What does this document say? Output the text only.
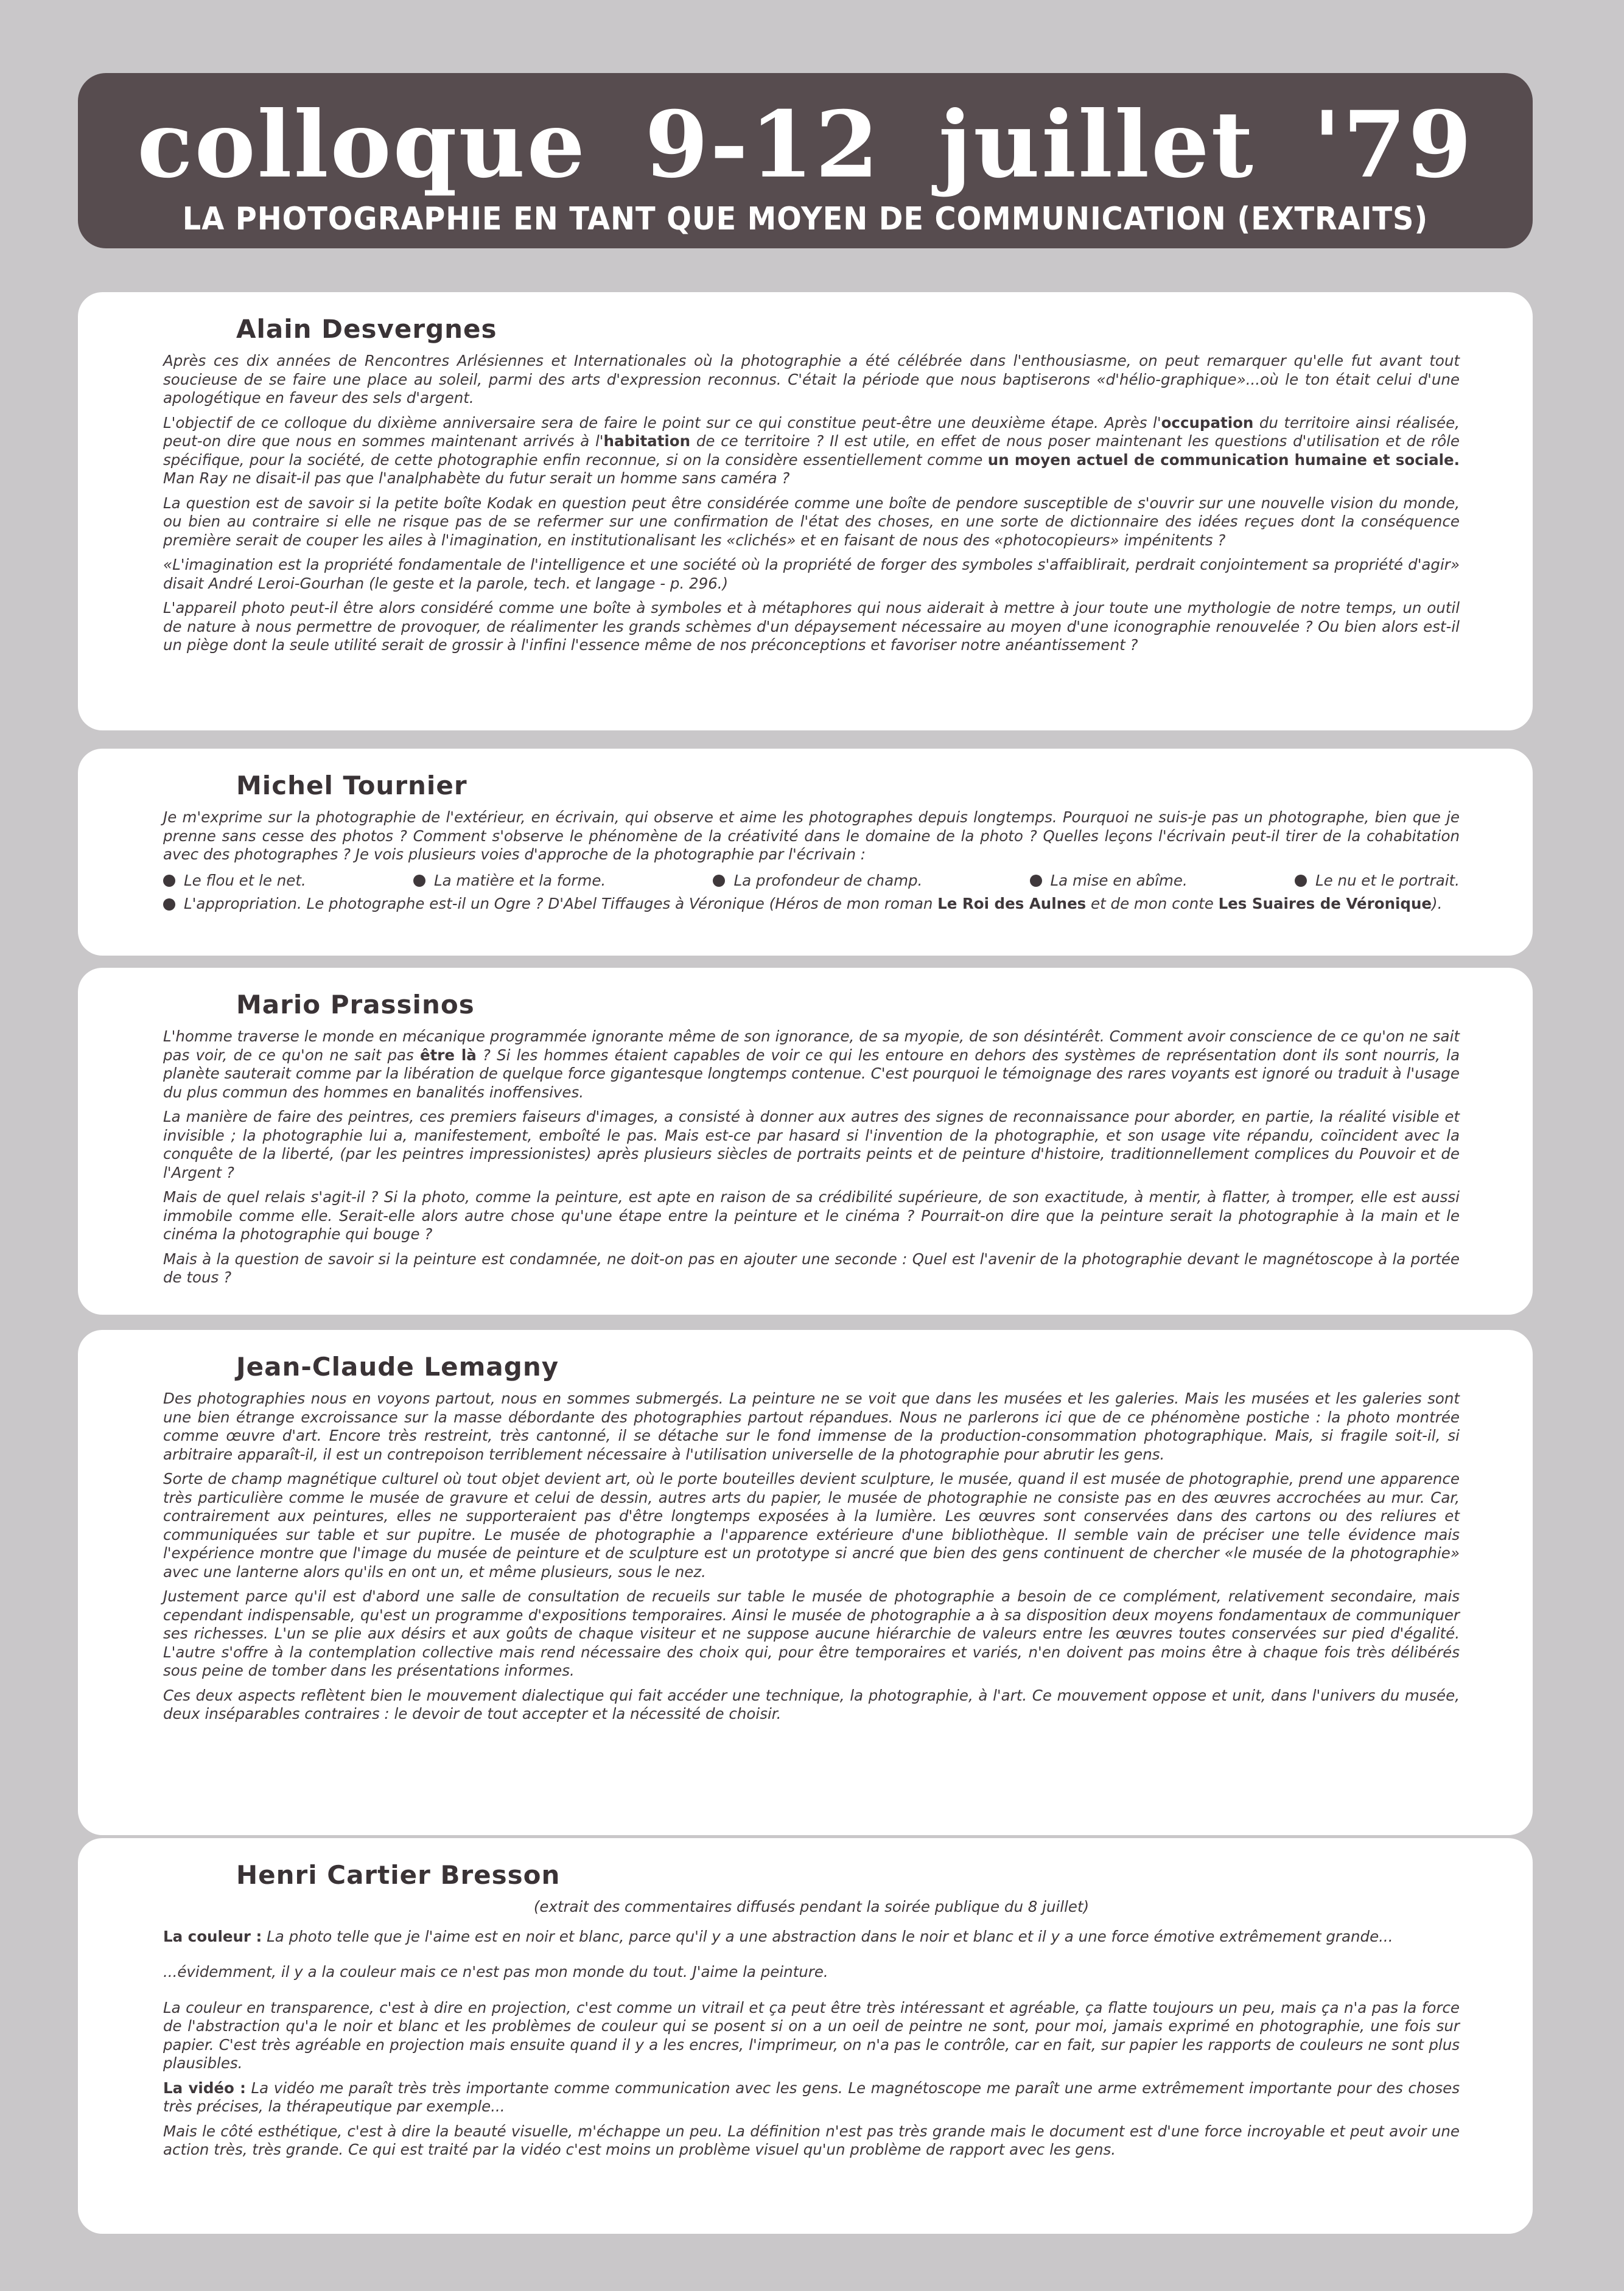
colloque 9-12 juillet '79
LA PHOTOGRAPHIE EN TANT QUE MOYEN DE COMMUNICATION (EXTRAITS)
Alain Desvergnes

Après ces dix années de Rencontres Arlésiennes et Internationales où la photographie a été célébrée dans l'enthousiasme, on peut remarquer qu'elle fut avant tout soucieuse de se faire une place au soleil, parmi des arts d'expression reconnus. C'était la période que nous baptiserons «d'hélio-graphique»...où le ton était celui d'une apologétique en faveur des sels d'argent.

L'objectif de ce colloque du dixième anniversaire sera de faire le point sur ce qui constitue peut-être une deuxième étape. Après l'occupation du territoire ainsi réalisée, peut-on dire que nous en sommes maintenant arrivés à l'habitation de ce territoire ? Il est utile, en effet de nous poser maintenant les questions d'utilisation et de rôle spécifique, pour la société, de cette photographie enfin reconnue, si on la considère essentiellement comme un moyen actuel de communication humaine et sociale. Man Ray ne disait-il pas que l'analphabète du futur serait un homme sans caméra ?

La question est de savoir si la petite boîte Kodak en question peut être considérée comme une boîte de pendore susceptible de s'ouvrir sur une nouvelle vision du monde, ou bien au contraire si elle ne risque pas de se refermer sur une confirmation de l'état des choses, en une sorte de dictionnaire des idées reçues dont la conséquence première serait de couper les ailes à l'imagination, en institutionalisant les «clichés» et en faisant de nous des «photocopieurs» impénitents ?

«L'imagination est la propriété fondamentale de l'intelligence et une société où la propriété de forger des symboles s'affaiblirait, perdrait conjointement sa propriété d'agir» disait André Leroi-Gourhan (le geste et la parole, tech. et langage - p. 296.)

L'appareil photo peut-il être alors considéré comme une boîte à symboles et à métaphores qui nous aiderait à mettre à jour toute une mythologie de notre temps, un outil de nature à nous permettre de provoquer, de réalimenter les grands schèmes d'un dépaysement nécessaire au moyen d'une iconographie renouvelée ? Ou bien alors est-il un piège dont la seule utilité serait de grossir à l'infini l'essence même de nos préconceptions et favoriser notre anéantissement ?

Michel Tournier

Je m'exprime sur la photographie de l'extérieur, en écrivain, qui observe et aime les photographes depuis longtemps. Pourquoi ne suis-je pas un photographe, bien que je prenne sans cesse des photos ? Comment s'observe le phénomène de la créativité dans le domaine de la photo ? Quelles leçons l'écrivain peut-il tirer de la cohabitation avec des photographes ? Je vois plusieurs voies d'approche de la photographie par l'écrivain :

Le flou et le net.	La matière et la forme.	La profondeur de champ.	La mise en abîme.	Le nu et le portrait.

L'appropriation. Le photographe est-il un Ogre ? D'Abel Tiffauges à Véronique (Héros de mon roman Le Roi des Aulnes et de mon conte Les Suaires de Véronique).

Mario Prassinos

L'homme traverse le monde en mécanique programmée ignorante même de son ignorance, de sa myopie, de son désintérêt. Comment avoir conscience de ce qu'on ne sait pas voir, de ce qu'on ne sait pas être là ? Si les hommes étaient capables de voir ce qui les entoure en dehors des systèmes de représentation dont ils sont nourris, la planète sauterait comme par la libération de quelque force gigantesque longtemps contenue. C'est pourquoi le témoignage des rares voyants est ignoré ou traduit à l'usage du plus commun des hommes en banalités inoffensives.

La manière de faire des peintres, ces premiers faiseurs d'images, a consisté à donner aux autres des signes de reconnaissance pour aborder, en partie, la réalité visible et invisible ; la photographie lui a, manifestement, emboîté le pas. Mais est-ce par hasard si l'invention de la photographie, et son usage vite répandu, coïncident avec la conquête de la liberté, (par les peintres impressionistes) après plusieurs siècles de portraits peints et de peinture d'histoire, traditionnellement complices du Pouvoir et de l'Argent ?

Mais de quel relais s'agit-il ? Si la photo, comme la peinture, est apte en raison de sa crédibilité supérieure, de son exactitude, à mentir, à flatter, à tromper, elle est aussi immobile comme elle. Serait-elle alors autre chose qu'une étape entre la peinture et le cinéma ? Pourrait-on dire que la peinture serait la photographie à la main et le cinéma la photographie qui bouge ?

Mais à la question de savoir si la peinture est condamnée, ne doit-on pas en ajouter une seconde : Quel est l'avenir de la photographie devant le magnétoscope à la portée de tous ?

Jean-Claude Lemagny

Des photographies nous en voyons partout, nous en sommes submergés. La peinture ne se voit que dans les musées et les galeries. Mais les musées et les galeries sont une bien étrange excroissance sur la masse débordante des photographies partout répandues. Nous ne parlerons ici que de ce phénomène postiche : la photo montrée comme œuvre d'art. Encore très restreint, très cantonné, il se détache sur le fond immense de la production-consommation photographique. Mais, si fragile soit-il, si arbitraire apparaît-il, il est un contrepoison terriblement nécessaire à l'utilisation universelle de la photographie pour abrutir les gens.

Sorte de champ magnétique culturel où tout objet devient art, où le porte bouteilles devient sculpture, le musée, quand il est musée de photographie, prend une apparence très particulière comme le musée de gravure et celui de dessin, autres arts du papier, le musée de photographie ne consiste pas en des œuvres accrochées au mur. Car, contrairement aux peintures, elles ne supporteraient pas d'être longtemps exposées à la lumière. Les œuvres sont conservées dans des cartons ou des reliures et communiquées sur table et sur pupitre. Le musée de photographie a l'apparence extérieure d'une bibliothèque. Il semble vain de préciser une telle évidence mais l'expérience montre que l'image du musée de peinture et de sculpture est un prototype si ancré que bien des gens continuent de chercher «le musée de la photographie» avec une lanterne alors qu'ils en ont un, et même plusieurs, sous le nez.

Justement parce qu'il est d'abord une salle de consultation de recueils sur table le musée de photographie a besoin de ce complément, relativement secondaire, mais cependant indispensable, qu'est un programme d'expositions temporaires. Ainsi le musée de photographie a à sa disposition deux moyens fondamentaux de communiquer ses richesses. L'un se plie aux désirs et aux goûts de chaque visiteur et ne suppose aucune hiérarchie de valeurs entre les œuvres toutes conservées sur pied d'égalité. L'autre s'offre à la contemplation collective mais rend nécessaire des choix qui, pour être temporaires et variés, n'en doivent pas moins être à chaque fois très délibérés sous peine de tomber dans les présentations informes.

Ces deux aspects reflètent bien le mouvement dialectique qui fait accéder une technique, la photographie, à l'art. Ce mouvement oppose et unit, dans l'univers du musée, deux inséparables contraires : le devoir de tout accepter et la nécessité de choisir.

Henri Cartier Bresson

(extrait des commentaires diffusés pendant la soirée publique du 8 juillet)

La couleur : La photo telle que je l'aime est en noir et blanc, parce qu'il y a une abstraction dans le noir et blanc et il y a une force émotive extrêmement grande...

...évidemment, il y a la couleur mais ce n'est pas mon monde du tout. J'aime la peinture.

La couleur en transparence, c'est à dire en projection, c'est comme un vitrail et ça peut être très intéressant et agréable, ça flatte toujours un peu, mais ça n'a pas la force de l'abstraction qu'a le noir et blanc et les problèmes de couleur qui se posent si on a un oeil de peintre ne sont, pour moi, jamais exprimé en photographie, une fois sur papier. C'est très agréable en projection mais ensuite quand il y a les encres, l'imprimeur, on n'a pas le contrôle, car en fait, sur papier les rapports de couleurs ne sont plus plausibles.

La vidéo : La vidéo me paraît très très importante comme communication avec les gens. Le magnétoscope me paraît une arme extrêmement importante pour des choses très précises, la thérapeutique par exemple...

Mais le côté esthétique, c'est à dire la beauté visuelle, m'échappe un peu. La définition n'est pas très grande mais le document est d'une force incroyable et peut avoir une action très, très grande. Ce qui est traité par la vidéo c'est moins un problème visuel qu'un problème de rapport avec les gens.
